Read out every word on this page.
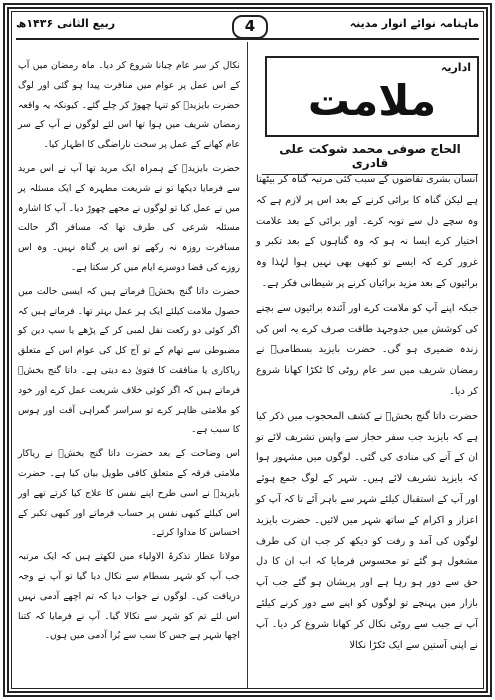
ماہنامہ نوائے انوار مدینہ
4
ربیع الثانی ۱۴۳۶ھ
اداریہ
ملامت
الحاج صوفی محمد شوکت علی قادری

انسان بشری تقاضوں کے سبب کئی مرتبہ گناہ کر بیٹھتا ہے لیکن گناہ کا برائی کرنے کے بعد اس پر لازم ہے کہ وہ سچے دل سے توبہ کرے۔ اور برائی کے بعد علامت اختیار کرے ایسا نہ ہو کہ وہ گناہوں کے بعد تکبر و غرور کرے کہ ایسے تو کبھی بھی نہیں ہوا لہٰذا وہ برائیوں کے بعد مزید برائیاں کرنے پر شیطانی فکر ہے۔

جبکہ اپنے آپ کو ملامت کرے اور آئندہ برائیوں سے بچنے کی کوشش میں جدوجہد طاقت صرف کرے یہ اس کی زندہ ضمیری ہو گی۔ حضرت بایزید بسطامیؒ نے رمضان شریف میں سر عام روٹی کا ٹکڑا کھانا شروع کر دیا۔

حضرت داتا گنج بخشؒ نے کشف المحجوب میں ذکر کیا ہے کہ بایزید جب سفر حجاز سے واپس تشریف لائے تو ان کے آنے کی منادی کی گئی۔ لوگوں میں مشہور ہوا کہ بایزید تشریف لائے ہیں۔ شہر کے لوگ جمع ہوئے اور آپ کے استقبال کیلئے شہر سے باہر آئے تا کہ آپ کو اعزاز و اکرام کے ساتھ شہر میں لائیں۔ حضرت بایزید لوگوں کی آمد و رفت کو دیکھ کر جب ان کی طرف مشغول ہو گئے تو محسوس فرمایا کہ اب ان کا دل حق سے دور ہو رہا ہے اور پریشان ہو گئے جب آپ بازار میں پہنچے تو لوگوں کو اپنے سے دور کرنے کیلئے آپ نے جیب سے روٹی نکال کر کھانا شروع کر دیا۔ آپ نے اپنی آستین سے ایک ٹکڑا نکالا

نکال کر سر عام چبانا شروع کر دیا۔ ماہ رمضان میں آپ کے اس عمل پر عوام میں منافرت پیدا ہو گئی اور لوگ حضرت بایزیدؒ کو تنہا چھوڑ کر چلے گئے۔ کیونکہ یہ واقعہ رمضان شریف میں ہوا تھا اس لئے لوگوں نے آپ کے سر عام کھانے کے عمل پر سخت ناراضگی کا اظہار کیا۔

حضرت بایزیدؒ کے ہمراہ ایک مرید تھا آپ نے اس مرید سے فرمایا دیکھا تو نے شریعت مطہرہ کے ایک مسئلہ پر میں نے عمل کیا تو لوگوں نے مجھے چھوڑ دیا۔ آپ کا اشارہ مسئلہ شرعی کی طرف تھا کہ مسافر اگر حالت مسافرت روزہ نہ رکھے تو اس پر گناہ نہیں۔ وہ اس روزے کی قضا دوسرے ایام میں کر سکتا ہے۔

حضرت داتا گنج بخشؒ فرماتے ہیں کہ ایسی حالت میں حصول ملامت کیلئے ایک ہر عمل بہتر تھا۔ فرماتے ہیں کہ اگر کوئی دو رکعت نفل لمبی کر کے پڑھے یا سپ دین کو مضبوطی سے تھام کے تو آج کل کی عوام اس کے متعلق ریاکاری یا منافقت کا فتویٰ دے دیتی ہے۔ داتا گنج بخشؒ فرماتے ہیں کہ اگر کوئی خلاف شریعت عمل کرے اور خود کو ملامتی ظاہر کرے تو سراسر گمراہی آفت اور ہوس کا سبب ہے۔

اس وضاحت کے بعد حضرت داتا گنج بخشؒ نے ریاکار ملامتی فرقہ کے متعلق کافی طویل بیان کیا ہے۔ حضرت بایزیدؒ نے اسی طرح اپنے نفس کا علاج کیا کرتے تھے اور اس کیلئے کبھی نفس پر حساب فرماتے اور کبھی تکبر کے احساس کا مداوا کرتے۔

مولانا عطار تذکرۃ الاولیاء میں لکھتے ہیں کہ ایک مرتبہ جب آپ کو شہر بسطام سے نکال دیا گیا تو آپ نے وجہ دریافت کی۔ لوگوں نے جواب دیا کہ تم اچھے آدمی نہیں اس لئے تم کو شہر سے نکالا گیا۔ آپ نے فرمایا کہ کتنا اچھا شہر ہے جس کا سب سے بُرا آدمی میں ہوں۔
